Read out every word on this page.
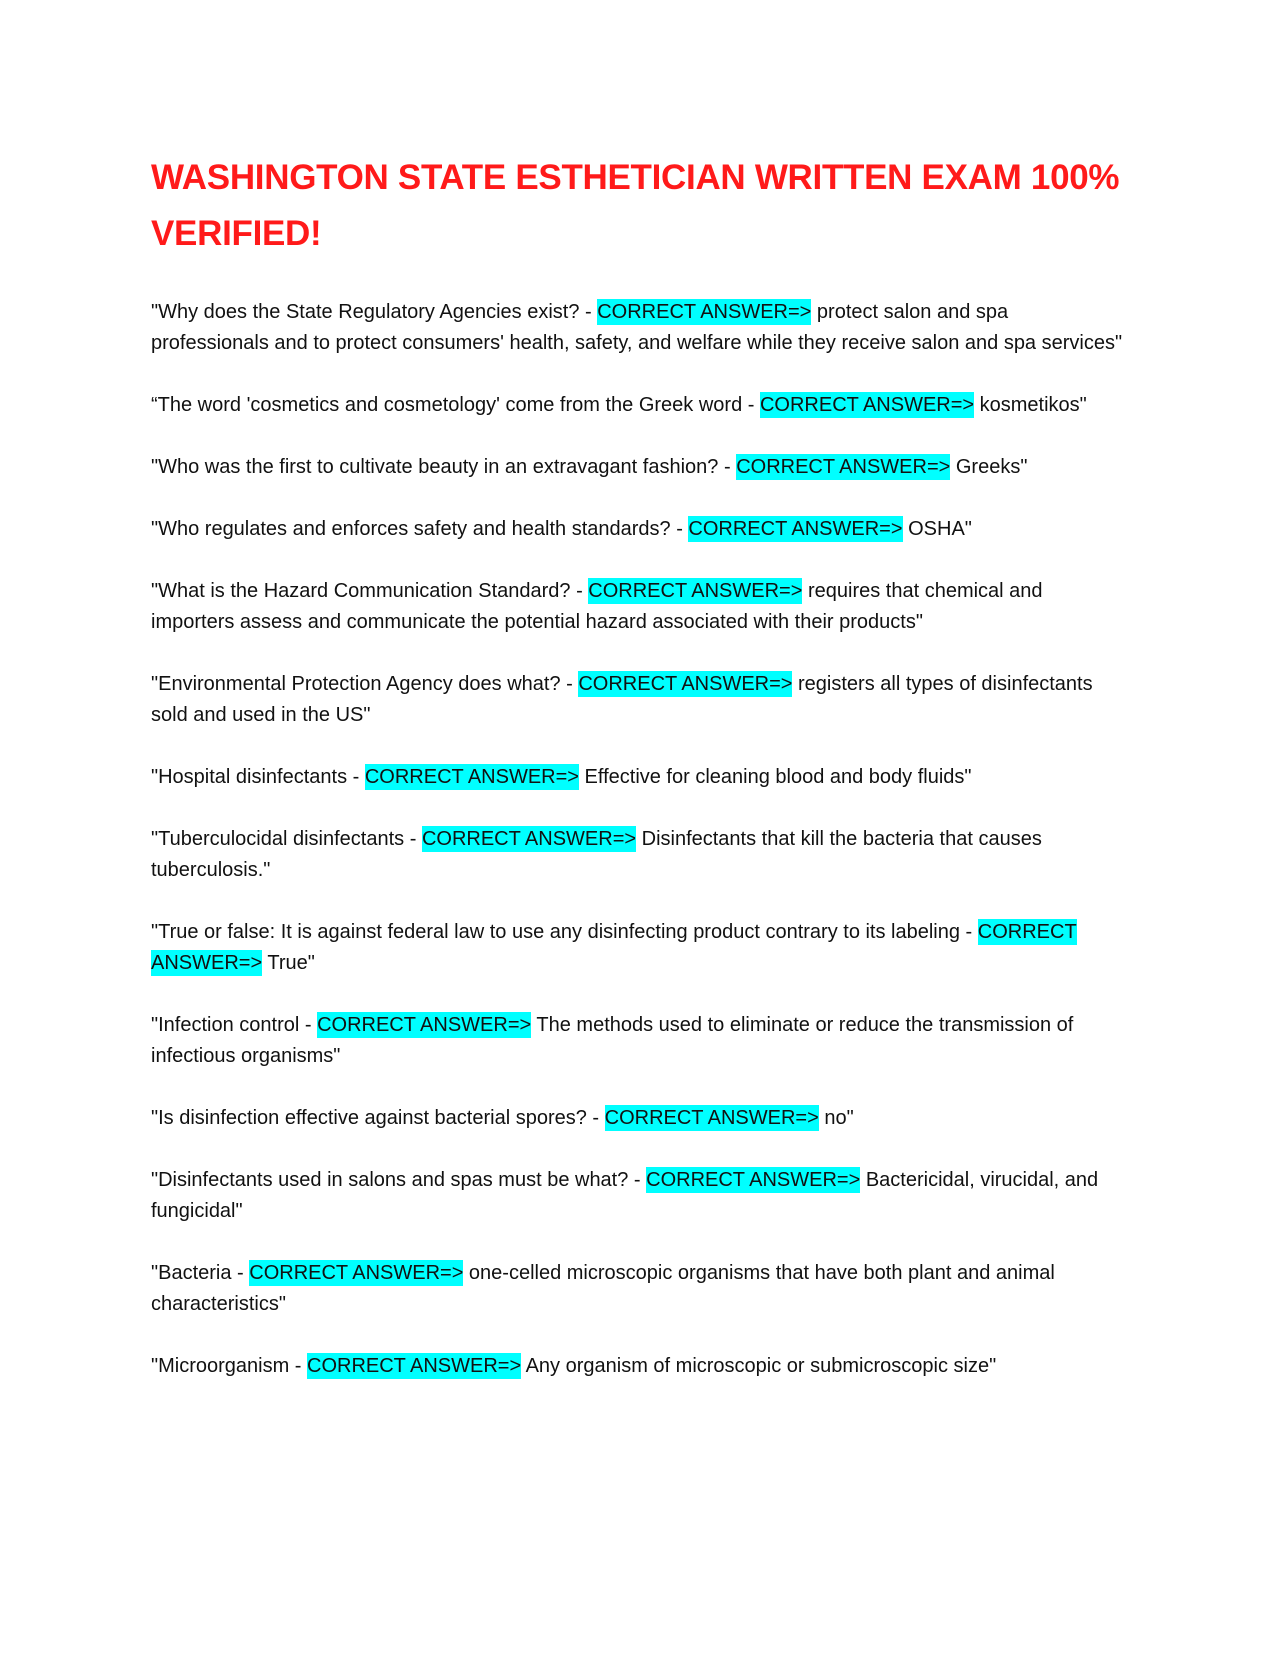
WASHINGTON STATE ESTHETICIAN WRITTEN EXAM 100% VERIFIED!

"Why does the State Regulatory Agencies exist? - CORRECT ANSWER=> protect salon and spa professionals and to protect consumers' health, safety, and welfare while they receive salon and spa services"

“The word 'cosmetics and cosmetology' come from the Greek word - CORRECT ANSWER=> kosmetikos"

"Who was the first to cultivate beauty in an extravagant fashion? - CORRECT ANSWER=> Greeks"

"Who regulates and enforces safety and health standards? - CORRECT ANSWER=> OSHA"

"What is the Hazard Communication Standard? - CORRECT ANSWER=> requires that chemical and importers assess and communicate the potential hazard associated with their products"

"Environmental Protection Agency does what? - CORRECT ANSWER=> registers all types of disinfectants sold and used in the US"

"Hospital disinfectants - CORRECT ANSWER=> Effective for cleaning blood and body fluids"

"Tuberculocidal disinfectants - CORRECT ANSWER=> Disinfectants that kill the bacteria that causes tuberculosis."

"True or false: It is against federal law to use any disinfecting product contrary to its labeling - CORRECT ANSWER=> True"

"Infection control - CORRECT ANSWER=> The methods used to eliminate or reduce the transmission of infectious organisms"

"Is disinfection effective against bacterial spores? - CORRECT ANSWER=> no"

"Disinfectants used in salons and spas must be what? - CORRECT ANSWER=> Bactericidal, virucidal, and fungicidal"

"Bacteria - CORRECT ANSWER=> one-celled microscopic organisms that have both plant and animal characteristics"

"Microorganism - CORRECT ANSWER=> Any organism of microscopic or submicroscopic size"
